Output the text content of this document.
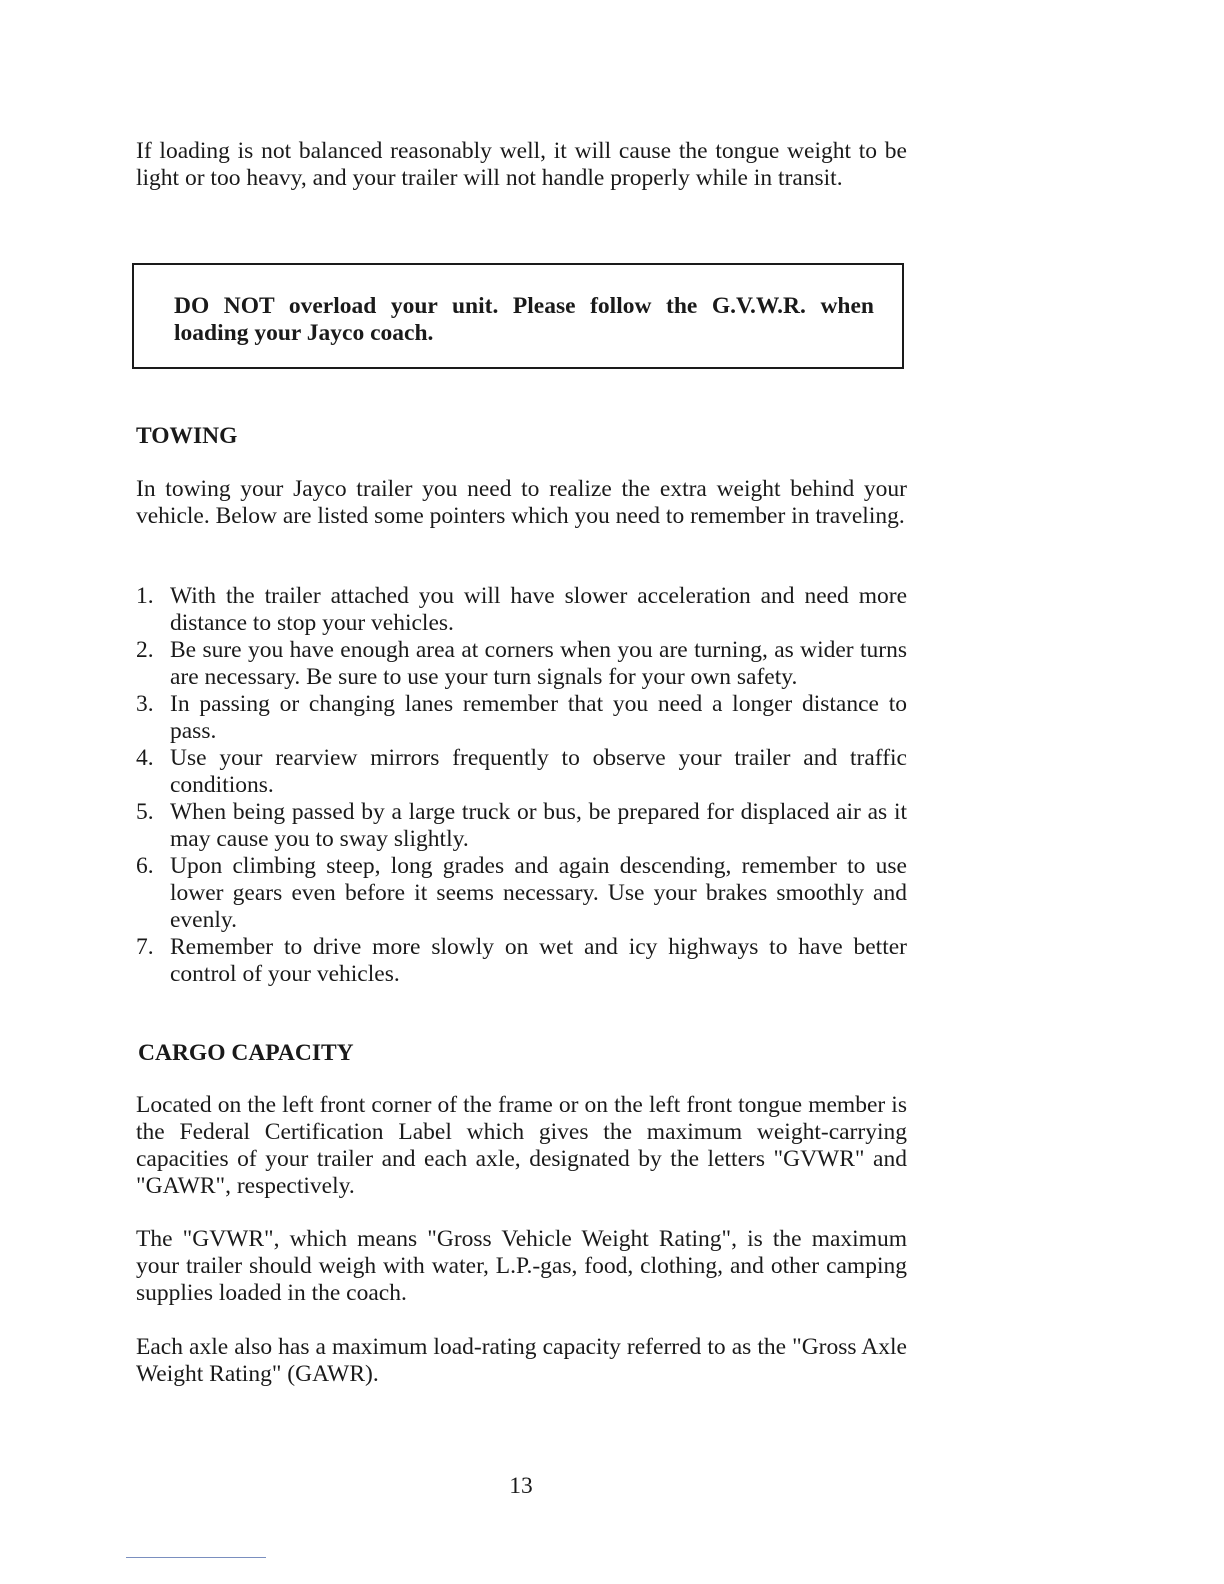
If loading is not balanced reasonably well, it will cause the tongue weight to be light or too heavy, and your trailer will not handle properly while in transit.

DO NOT overload your unit. Please follow the G.V.W.R. when loading your Jayco coach.
TOWING

In towing your Jayco trailer you need to realize the extra weight behind your vehicle. Below are listed some pointers which you need to remember in traveling.

1. With the trailer attached you will have slower acceleration and need more distance to stop your vehicles.
2. Be sure you have enough area at corners when you are turning, as wider turns are necessary. Be sure to use your turn signals for your own safety.
3. In passing or changing lanes remember that you need a longer distance to pass.
4. Use your rearview mirrors frequently to observe your trailer and traffic conditions.
5. When being passed by a large truck or bus, be prepared for displaced air as it may cause you to sway slightly.
6. Upon climbing steep, long grades and again descending, remember to use lower gears even before it seems necessary. Use your brakes smoothly and evenly.
7. Remember to drive more slowly on wet and icy highways to have better control of your vehicles.
CARGO CAPACITY

Located on the left front corner of the frame or on the left front tongue member is the Federal Certification Label which gives the maximum weight-carrying capacities of your trailer and each axle, designated by the letters "GVWR" and "GAWR", respectively.

The "GVWR", which means "Gross Vehicle Weight Rating", is the maximum your trailer should weigh with water, L.P.-gas, food, clothing, and other camping supplies loaded in the coach.

Each axle also has a maximum load-rating capacity referred to as the "Gross Axle Weight Rating" (GAWR).

13
